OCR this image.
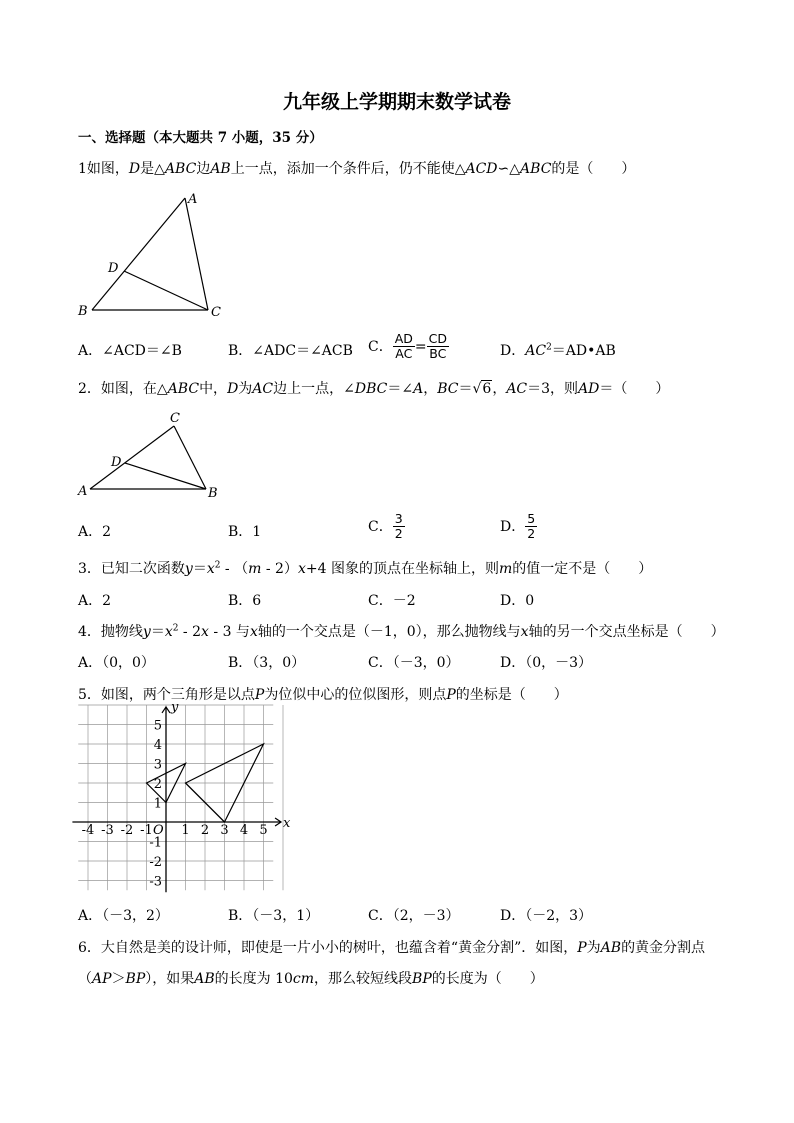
九年级上学期期末数学试卷
一、选择题（本大题共 7 小题，35 分）
1如图，D是△ABC边AB上一点，添加一个条件后，仍不能使△ACD∽△ABC的是（　　）
A
B	C
D
A．∠ACD＝∠B	B．∠ADC＝∠ACB C． $\frac{AD}{AC} = \frac{CD}{BC}$	D．$AC^2=AD•AB$
2．如图，在△ABC中，D为AC边上一点，∠DBC＝∠A，BC＝√6，AC＝3，则AD＝（　　）
C
A	B
D
A．2	B．1	C． $\frac{3}{2}$	D． $\frac{5}{2}$
3．已知二次函数$y=x^2 - (m - 2)x+4$ 图象的顶点在坐标轴上，则m的值一定不是（　　）
A．2	B．6	C．－2	D．0
4．抛物线$y=x^2 - 2x - 3$ 与x轴的一个交点是（－1，0），那么抛物线与x轴的另一个交点坐标是（　　）
A．（0，0）	B．（3，0）	C．（－3，0）	D．（0，－3）
5．如图，两个三角形是以点P为位似中心的位似图形，则点P的坐标是（　　）
x
y
O
-4 -3 -2 -1 1 2 3 4 5
5
4
3
2
1
-1
-2
-3
A．（－3，2）	B．（－3，1）	C．（2，－3）	D．（－2，3）
6．大自然是美的设计师，即使是一片小小的树叶，也蕴含着“黄金分割”．如图，P为AB的黄金分割点
（AP＞BP），如果AB的长度为 10cm，那么较短线段BP的长度为（　　）
